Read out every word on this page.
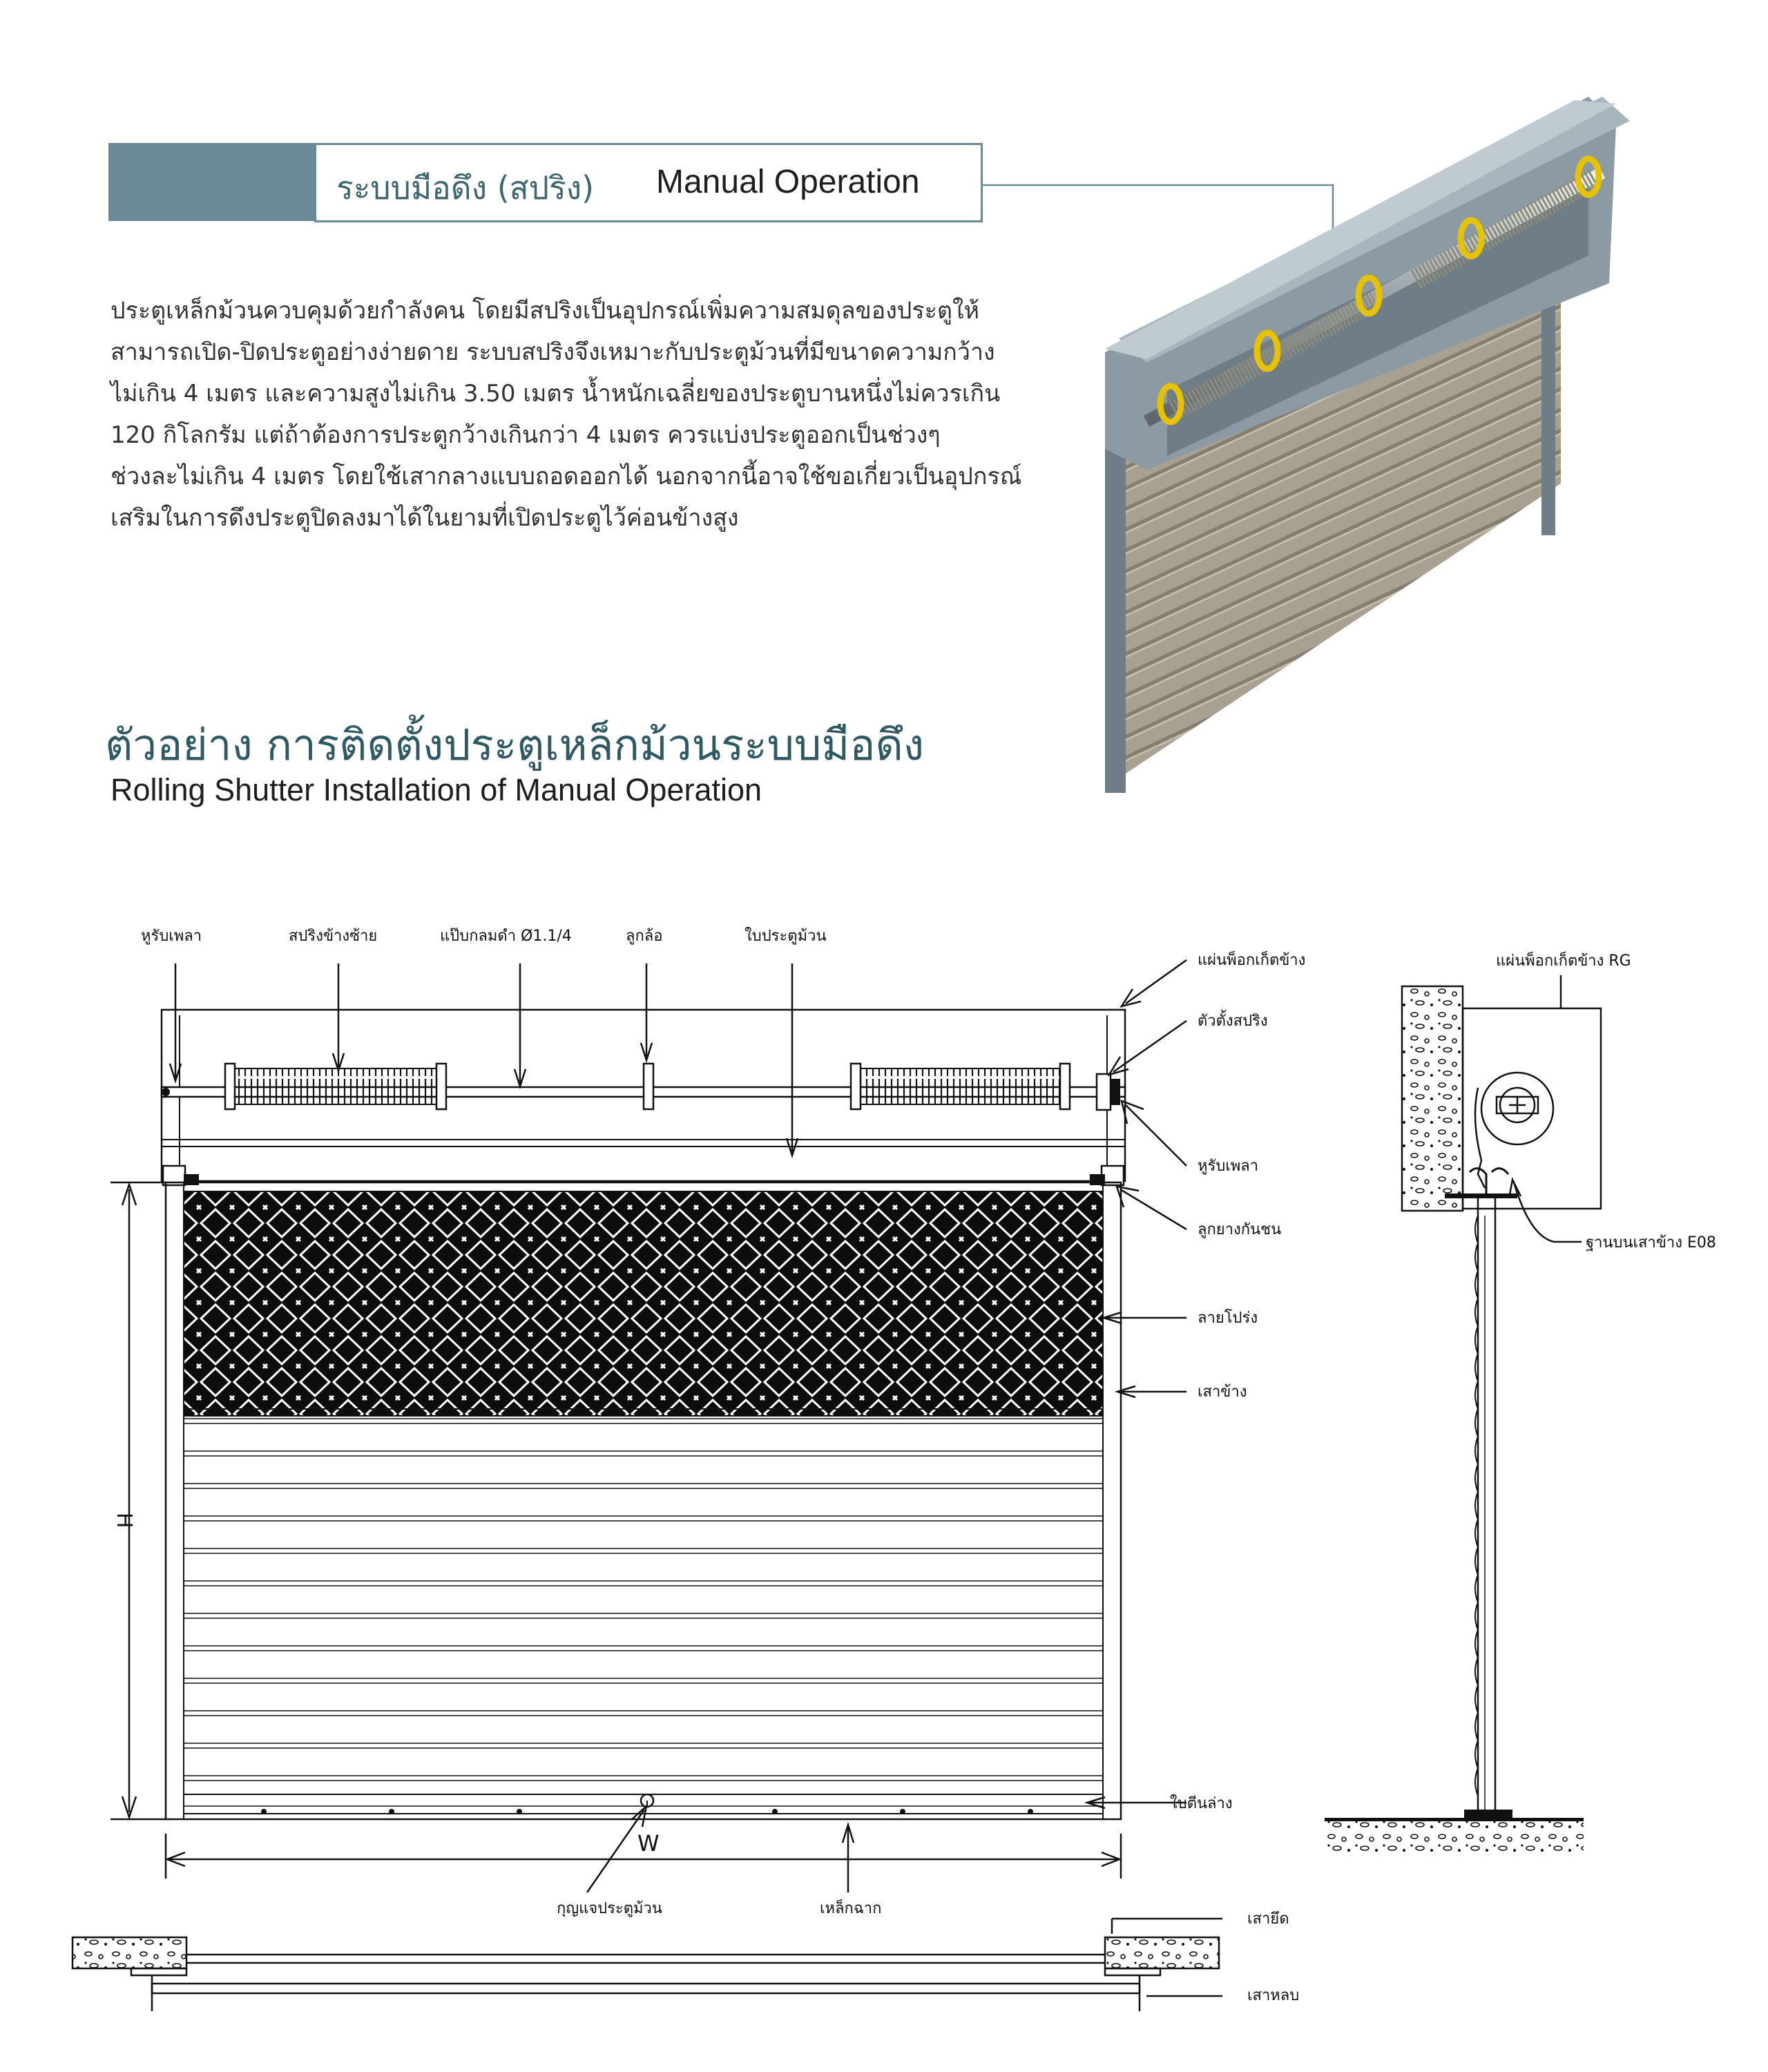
ระบบมือดึง (สปริง) Manual Operation
ประตูเหล็กม้วนควบคุมด้วยกำลังคน โดยมีสปริงเป็นอุปกรณ์เพิ่มความสมดุลของประตูให้
สามารถเปิด-ปิดประตูอย่างง่ายดาย ระบบสปริงจึงเหมาะกับประตูม้วนที่มีขนาดความกว้าง
ไม่เกิน 4 เมตร และความสูงไม่เกิน 3.50 เมตร น้ำหนักเฉลี่ยของประตูบานหนึ่งไม่ควรเกิน
120 กิโลกรัม แต่ถ้าต้องการประตูกว้างเกินกว่า 4 เมตร ควรแบ่งประตูออกเป็นช่วงๆ
ช่วงละไม่เกิน 4 เมตร โดยใช้เสากลางแบบถอดออกได้ นอกจากนี้อาจใช้ขอเกี่ยวเป็นอุปกรณ์
เสริมในการดึงประตูปิดลงมาได้ในยามที่เปิดประตูไว้ค่อนข้างสูง
ตัวอย่าง การติดตั้งประตูเหล็กม้วนระบบมือดึง
Rolling Shutter Installation of Manual Operation
H
W
หูรับเพลา	สปริงข้างซ้าย	แป๊บกลมดำ Ø1.1/4	ลูกล้อ	ใบประตูม้วน
แผ่นพ็อกเก็ตข้าง
ตัวตั้งสปริง
หูรับเพลา
ลูกยางกันชน
ลายโปร่ง
เสาข้าง
ใบตีนล่าง
กุญแจประตูม้วน	เหล็กฉาก
แผ่นพ็อกเก็ตข้าง RG
ฐานบนเสาข้าง E08
เสายึด
เสาหลบ
